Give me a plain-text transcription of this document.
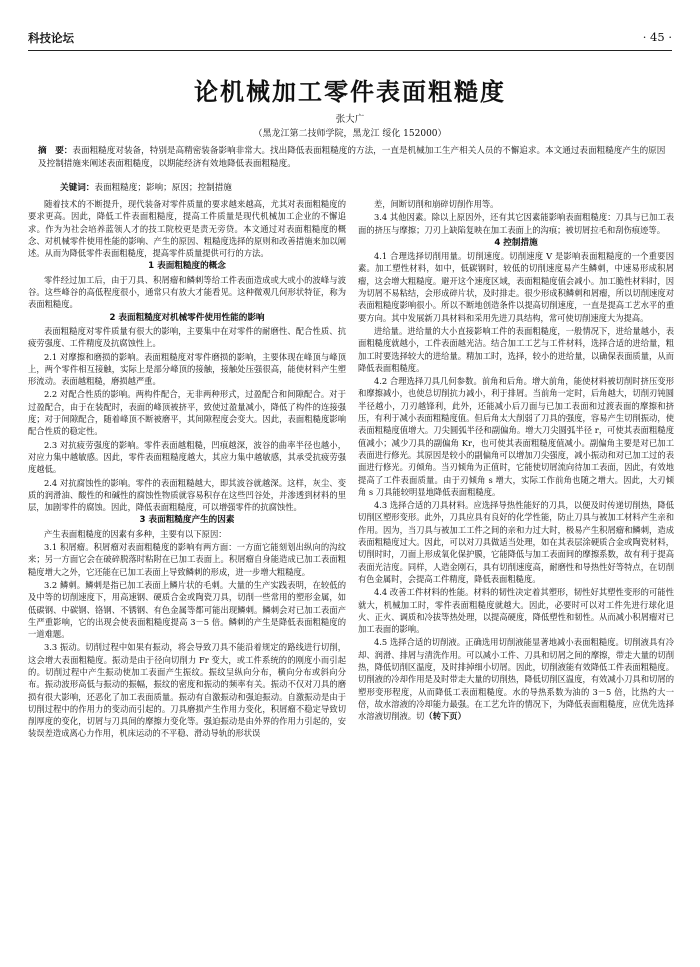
科技论坛	· 45 ·
论机械加工零件表面粗糙度
张大广
（黑龙江第二技师学院，黑龙江 绥化 152000）
摘　要：表面粗糙度对装备，特别是高精密装备影响非常大。找出降低表面粗糙度的方法，一直是机械加工生产相关人员的不懈追求。本文通过表面粗糙度产生的原因及控制措施来阐述表面粗糙度，以期能经济有效地降低表面粗糙度。
关键词：表面粗糙度；影响；原因；控制措施

随着技术的不断提升，现代装备对零件质量的要求越来越高，尤其对表面粗糙度的要求更高。因此，降低工件表面粗糙度，提高工件质量是现代机械加工企业的不懈追求。作为为社会培养蓝领人才的技工院校更是责无旁贷。本文通过对表面粗糙度的概念、对机械零件使用性能的影响、产生的原因、粗糙度选择的原则和改善措施来加以阐述。从而为降低零件表面粗糙度，提高零件质量提供可行的方法。

1 表面粗糙度的概念

零件经过加工后，由于刀具、积屑瘤和鳞刺等给工件表面造成或大或小的波峰与波谷。这些峰谷的高低程度很小，通常只有放大才能看见。这种微观几何形状特征，称为表面粗糙度。

2 表面粗糙度对机械零件使用性能的影响

表面粗糙度对零件质量有很大的影响，主要集中在对零件的耐磨性、配合性质、抗疲劳强度、工件精度及抗腐蚀性上。

2.1 对摩擦和磨损的影响。表面粗糙度对零件磨损的影响，主要体现在峰顶与峰顶上，两个零件相互接触，实际上是部分峰顶的接触，接触处压强很高，能使材料产生塑形流动。表面越粗糙，磨损越严重。

2.2 对配合性质的影响。两构件配合，无非两种形式，过盈配合和间隙配合。对于过盈配合，由于在装配时，表面的峰顶被挤平，致使过盈量减小，降低了构件的连接强度；对于间隙配合，随着峰顶不断被磨平，其间隙程度会变大。因此，表面粗糙度影响配合性质的稳定性。

2.3 对抗疲劳强度的影响。零件表面越粗糙，凹痕越深，波谷的曲率半径也越小，对应力集中越敏感。因此，零件表面粗糙度越大，其应力集中越敏感，其承受抗疲劳强度越低。

2.4 对抗腐蚀性的影响。零件的表面粗糙越大，即其波谷就越深。这样，灰尘、变质的润滑油、酸性的和碱性的腐蚀性物质就容易积存在这些凹谷处，并渗透到材料的里层，加剧零件的腐蚀。因此，降低表面粗糙度，可以增强零件的抗腐蚀性。

3 表面粗糙度产生的因素

产生表面粗糙度的因素有多种，主要有以下原因：

3.1 积屑瘤。积屑瘤对表面粗糙度的影响有两方面：一方面它能刻划出纵向的沟纹来；另一方面它会在破碎脱落时粘附在已加工表面上。积屑瘤自身能造成已加工表面粗糙度增大之外，它还能在已加工表面上导致鳞刺的形成，进一步增大粗糙度。

3.2 鳞刺。鳞刺是指已加工表面上鳞片状的毛刺。大量的生产实践表明，在较低的及中等的切削速度下，用高速钢、硬质合金或陶瓷刀具，切削一些常用的塑形金属，如低碳钢、中碳钢、铬钢、不锈钢、有色金属等都可能出现鳞刺。鳞刺会对已加工表面产生严重影响，它的出现会使表面粗糙度提高 3－5 倍。鳞刺的产生是降低表面粗糙度的一道难题。

3.3 振动。切削过程中如果有振动，将会导致刀具不能沿着规定的路线进行切削，这会增大表面粗糙度。振动是由于径向切削力 Fr 变大，或工件系统的的刚度小而引起的。切削过程中产生振动使加工表面产生振纹。振纹呈纵向分布，横向分布或斜向分布。振动波形高低与振动的振幅，振纹的密度和振动的频率有关。振动不仅对刀具的磨损有很大影响，还恶化了加工表面质量。振动有自激振动和强迫振动。自激振动是由于切削过程中的作用力的变动而引起的。刀具磨损产生作用力变化，积屑瘤不稳定导致切削厚度的变化，切屑与刀具间的摩擦力变化等。强迫振动是由外界的作用力引起的，安装误差造成离心力作用，机床运动的不平稳、滑动导轨的形状误

差，间断切削和崩碎切削作用等。

3.4 其他因素。除以上原因外，还有其它因素能影响表面粗糙度：刀具与已加工表面的挤压与摩擦；刀刃上缺陷复映在加工表面上的沟痕；被切屑拉毛和刮伤痕迹等。

4 控制措施

4.1 合理选择切削用量。切削速度。切削速度 V 是影响表面粗糙度的一个重要因素。加工塑性材料，如中，低碳钢时，较低的切削速度易产生鳞刺，中速易形成积屑瘤，这会增大粗糙度。避开这个速度区域，表面粗糙度值会减小。加工脆性材料时，因为切屑不易粘结，会形成碎片状，及时排走。很少形成积鳞刺和屑瘤，所以切削速度对表面粗糙度影响很小。所以不断地创造条件以提高切削速度，一直是提高工艺水平的重要方向。其中发展新刀具材料和采用先进刀具结构，常可使切削速度大为提高。

进给量。进给量的大小直接影响工件的表面粗糙度，一般情况下，进给量越小，表面粗糙度就越小，工件表面越光洁。结合加工工艺与工件材料，选择合适的进给量，粗加工时要选择较大的进给量。精加工时，选择，较小的进给量，以确保表面质量，从而降低表面粗糙度。

4.2 合理选择刀具几何参数。前角和后角。增大前角，能使材料被切削时挤压变形和摩擦减小，也使总切削抗力减小，利于排屑。当前角一定时，后角越大，切削刃钝圆半径越小，刀刃越锋利，此外，还能减小后刀面与已加工表面和过渡表面的摩擦和挤压，有利于减小表面粗糙度值。但后角太大削弱了刀具的强度，容易产生切削振动，使表面粗糙度值增大。刀尖圆弧半径和副偏角。增大刀尖圆弧半径 r，可使其表面粗糙度值减小；减少刀具的副偏角 Kr，也可使其表面粗糙度值减小。副偏角主要是对已加工表面进行修光。其原因是较小的副偏角可以增加刀尖强度，减小振动和对已加工过的表面进行修光。刃倾角。当刃倾角为正值时，它能使切屑流向待加工表面，因此，有效地提高了工件表面质量。由于刃倾角 s 增大，实际工作前角也随之增大。因此，大刃倾角 s 刀具能较明显地降低表面粗糙度。

4.3 选择合适的刀具材料。应选择导热性能好的刀具，以便及时传递切削热，降低切削区塑形变形。此外，刀具应具有良好的化学性能，防止刀具与被加工材料产生亲和作用。因为，当刀具与被加工工件之间的亲和力过大时，极易产生积屑瘤和鳞刺，造成表面粗糙度过大。因此，可以对刀具做适当处理，如在其表层涂硬质合金或陶瓷材料，切削时时，刀面上形成氧化保护膜，它能降低与加工表面间的摩擦系数，故有利于提高表面光洁度。同样，人造金刚石，具有切削速度高，耐磨性和导热性好等特点，在切削有色金属时，会提高工件精度，降低表面粗糙度。

4.4 改善工件材料的性能。材料的韧性决定着其塑形，韧性好其塑性变形的可能性就大，机械加工时，零件表面粗糙度就越大。因此，必要时可以对工件先进行球化退火、正火、调质和冷拔等热处理，以提高硬度，降低塑性和韧性。从而减小积屑瘤对已加工表面的影响。

4.5 选择合适的切削液。正确选用切削液能显著地减小表面粗糙度。切削液具有冷却、润滑、排屑与清洗作用。可以减小工件、刀具和切屑之间的摩擦，带走大量的切削热，降低切削区温度，及时排掉细小切屑。因此，切削液能有效降低工件表面粗糙度。切削液的冷却作用是及时带走大量的切削热，降低切削区温度，有效减小刀具和切屑的塑形变形程度，从而降低工表面粗糙度。水的导热系数为油的 3－5 倍，比热约大一倍，故水溶液的冷却能力最强。在工艺允许的情况下，为降低表面粗糙度，应优先选择水溶液切削液。切（转下页）
